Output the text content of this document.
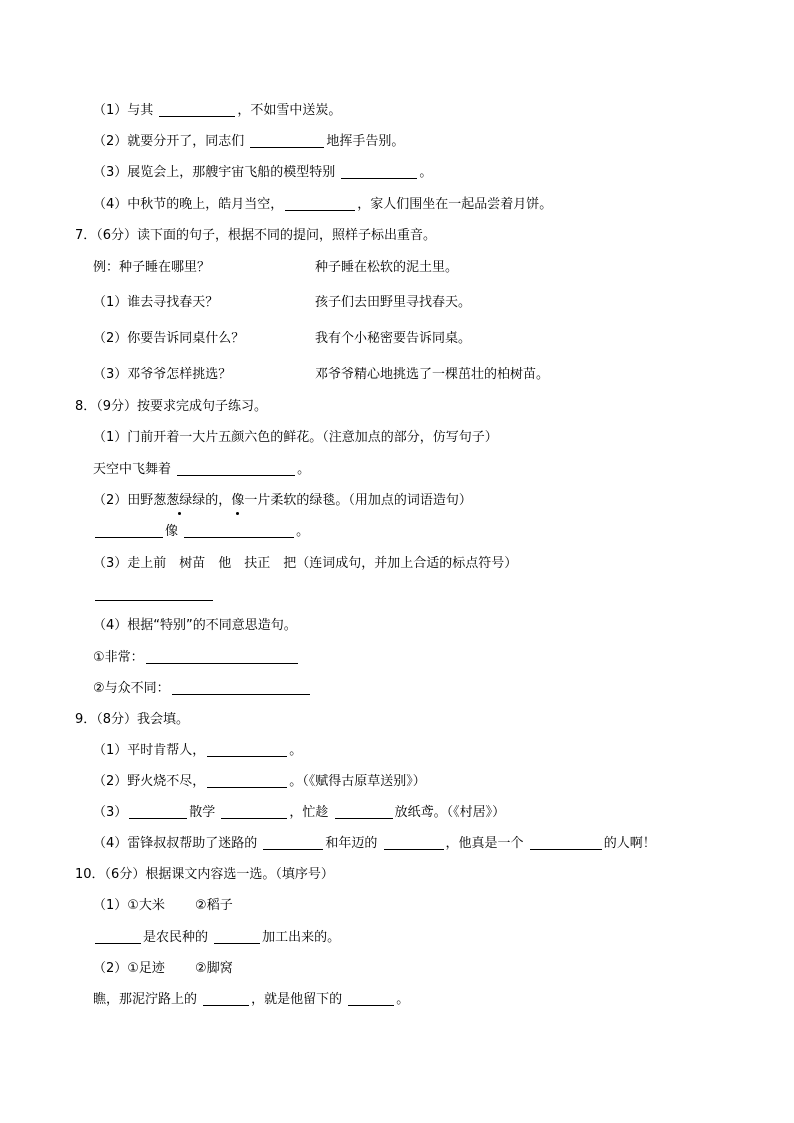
（1）与其	，不如雪中送炭。
（2）就要分开了，同志们	地挥手告别。
（3）展览会上，那艘宇宙飞船的模型特别	。
（4）中秋节的晚上，皓月当空，	，家人们围坐在一起品尝着月饼。
7．（6分）读下面的句子，根据不同的提问，照样子标出重音。
例：种子睡在哪里？	种子睡在松软的泥土里。
（1）谁去寻找春天？	孩子们去田野里寻找春天。
（2）你要告诉同桌什么？	我有个小秘密要告诉同桌。
（3）邓爷爷怎样挑选？	邓爷爷精心地挑选了一棵茁壮的柏树苗。
8．（9分）按要求完成句子练习。
（1）门前开着一大片五颜六色的鲜花。（注意加点的部分，仿写句子）
天空中飞舞着	。
（2）田野葱葱绿绿的，像一片柔软的绿毯。（用加点的词语造句）
像	。
（3）走上前　树苗　他　扶正　把（连词成句，并加上合适的标点符号）
（4）根据“特别”的不同意思造句。
①非常：
②与众不同：
9．（8分）我会填。
（1）平时肯帮人，	。
（2）野火烧不尽，	。（《赋得古原草送别》）
（3）	散学	，忙趁	放纸鸢。（《村居》）
（4）雷锋叔叔帮助了迷路的	和年迈的	，他真是一个	的人啊！
10．（6分）根据课文内容选一选。（填序号）
（1）①大米　　 ②稻子
是农民种的	加工出来的。
（2）①足迹　　 ②脚窝
瞧，那泥泞路上的	，就是他留下的	。
